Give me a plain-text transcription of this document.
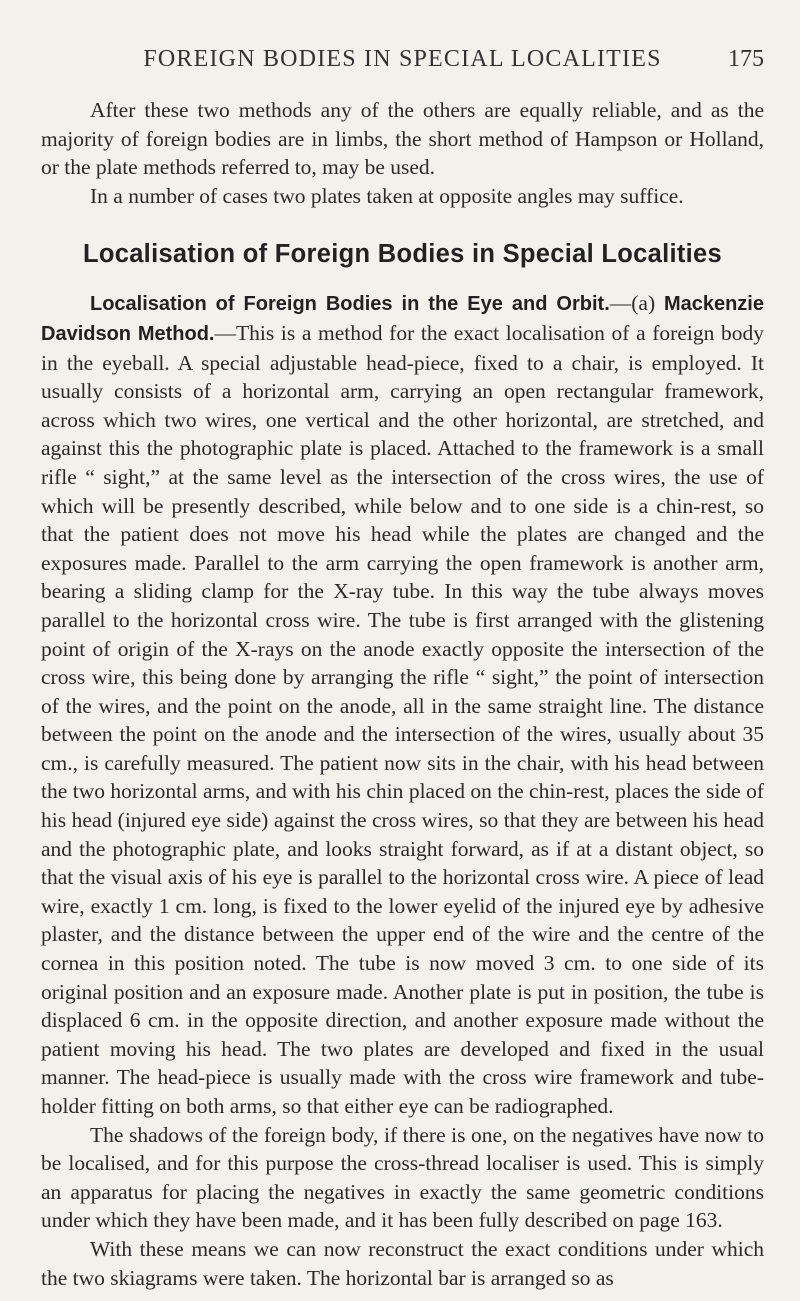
FOREIGN BODIES IN SPECIAL LOCALITIES	175

After these two methods any of the others are equally reliable, and as the majority of foreign bodies are in limbs, the short method of Hampson or Holland, or the plate methods referred to, may be used.

In a number of cases two plates taken at opposite angles may suffice.

Localisation of Foreign Bodies in Special Localities

Localisation of Foreign Bodies in the Eye and Orbit.—(a) Mackenzie Davidson Method.—This is a method for the exact localisation of a foreign body in the eyeball. A special adjustable head-piece, fixed to a chair, is employed. It usually consists of a horizontal arm, carrying an open rectangular framework, across which two wires, one vertical and the other horizontal, are stretched, and against this the photographic plate is placed. Attached to the framework is a small rifle “ sight,” at the same level as the intersection of the cross wires, the use of which will be presently described, while below and to one side is a chin-rest, so that the patient does not move his head while the plates are changed and the exposures made. Parallel to the arm carrying the open framework is another arm, bearing a sliding clamp for the X-ray tube. In this way the tube always moves parallel to the horizontal cross wire. The tube is first arranged with the glistening point of origin of the X-rays on the anode exactly opposite the intersection of the cross wire, this being done by arranging the rifle “ sight,” the point of intersection of the wires, and the point on the anode, all in the same straight line. The distance between the point on the anode and the intersection of the wires, usually about 35 cm., is carefully measured. The patient now sits in the chair, with his head between the two horizontal arms, and with his chin placed on the chin-rest, places the side of his head (injured eye side) against the cross wires, so that they are between his head and the photographic plate, and looks straight forward, as if at a distant object, so that the visual axis of his eye is parallel to the horizontal cross wire. A piece of lead wire, exactly 1 cm. long, is fixed to the lower eyelid of the injured eye by adhesive plaster, and the distance between the upper end of the wire and the centre of the cornea in this position noted. The tube is now moved 3 cm. to one side of its original position and an exposure made. Another plate is put in position, the tube is displaced 6 cm. in the opposite direction, and another exposure made without the patient moving his head. The two plates are developed and fixed in the usual manner. The head-piece is usually made with the cross wire framework and tube-holder fitting on both arms, so that either eye can be radiographed.

The shadows of the foreign body, if there is one, on the negatives have now to be localised, and for this purpose the cross-thread localiser is used. This is simply an apparatus for placing the negatives in exactly the same geometric conditions under which they have been made, and it has been fully described on page 163.

With these means we can now reconstruct the exact conditions under which the two skiagrams were taken. The horizontal bar is arranged so as
